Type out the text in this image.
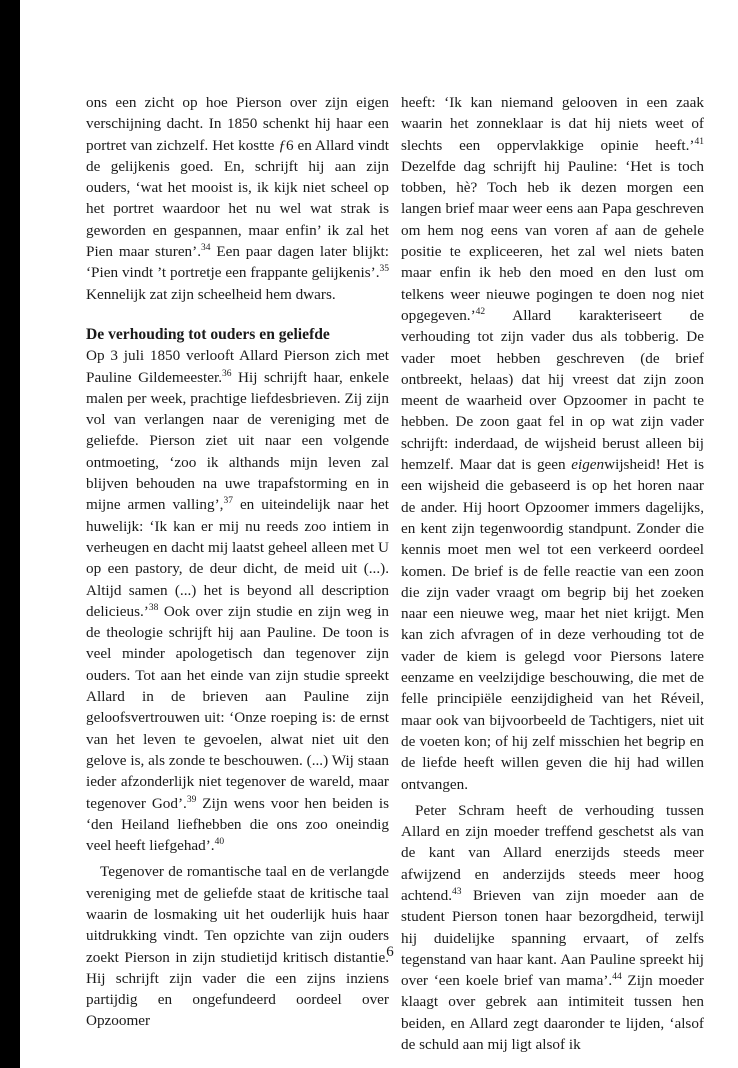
ons een zicht op hoe Pierson over zijn eigen verschijning dacht. In 1850 schenkt hij haar een portret van zichzelf. Het kostte ƒ6 en Allard vindt de gelijkenis goed. En, schrijft hij aan zijn ouders, ‘wat het mooist is, ik kijk niet scheel op het portret waardoor het nu wel wat strak is geworden en gespannen, maar enfin’ ik zal het Pien maar sturen’.$^{34}$ Een paar dagen later blijkt: ‘Pien vindt ’t portretje een frappante gelijkenis’.$^{35}$ Kennelijk zat zijn scheelheid hem dwars.

De verhouding tot ouders en geliefde

Op 3 juli 1850 verlooft Allard Pierson zich met Pauline Gildemeester.$^{36}$ Hij schrijft haar, enkele malen per week, prachtige liefdesbrieven. Zij zijn vol van verlangen naar de vereniging met de geliefde. Pierson ziet uit naar een volgende ontmoeting, ‘zoo ik althands mijn leven zal blijven behouden na uwe trapafstorming en in mijne armen valling’,$^{37}$ en uiteindelijk naar het huwelijk: ‘Ik kan er mij nu reeds zoo intiem in verheugen en dacht mij laatst geheel alleen met U op een pastory, de deur dicht, de meid uit (...). Altijd samen (...) het is beyond all description delicieus.’$^{38}$ Ook over zijn studie en zijn weg in de theologie schrijft hij aan Pauline. De toon is veel minder apologetisch dan tegenover zijn ouders. Tot aan het einde van zijn studie spreekt Allard in de brieven aan Pauline zijn geloofsvertrouwen uit: ‘Onze roeping is: de ernst van het leven te gevoelen, alwat niet uit den gelove is, als zonde te beschouwen. (...) Wij staan ieder afzonderlijk niet tegenover de wareld, maar tegenover God’.$^{39}$ Zijn wens voor hen beiden is ‘den Heiland liefhebben die ons zoo oneindig veel heeft liefgehad’.$^{40}$

Tegenover de romantische taal en de verlangde vereniging met de geliefde staat de kritische taal waarin de losmaking uit het ouderlijk huis haar uitdrukking vindt. Ten opzichte van zijn ouders zoekt Pierson in zijn studietijd kritisch distantie. Hij schrijft zijn vader die een zijns inziens partijdig en ongefundeerd oordeel over Opzoomer

heeft: ‘Ik kan niemand gelooven in een zaak waarin het zonneklaar is dat hij niets weet of slechts een oppervlakkige opinie heeft.’$^{41}$ Dezelfde dag schrijft hij Pauline: ‘Het is toch tobben, hè? Toch heb ik dezen morgen een langen brief maar weer eens aan Papa geschreven om hem nog eens van voren af aan de gehele positie te expliceeren, het zal wel niets baten maar enfin ik heb den moed en den lust om telkens weer nieuwe pogingen te doen nog niet opgegeven.’$^{42}$ Allard karakteriseert de verhouding tot zijn vader dus als tobberig. De vader moet hebben geschreven (de brief ontbreekt, helaas) dat hij vreest dat zijn zoon meent de waarheid over Opzoomer in pacht te hebben. De zoon gaat fel in op wat zijn vader schrijft: inderdaad, de wijsheid berust alleen bij hemzelf. Maar dat is geen eigenwijsheid! Het is een wijsheid die gebaseerd is op het horen naar de ander. Hij hoort Opzoomer immers dagelijks, en kent zijn tegenwoordig standpunt. Zonder die kennis moet men wel tot een verkeerd oordeel komen. De brief is de felle reactie van een zoon die zijn vader vraagt om begrip bij het zoeken naar een nieuwe weg, maar het niet krijgt. Men kan zich afvragen of in deze verhouding tot de vader de kiem is gelegd voor Piersons latere eenzame en veelzijdige beschouwing, die met de felle principiële eenzijdigheid van het Réveil, maar ook van bijvoorbeeld de Tachtigers, niet uit de voeten kon; of hij zelf misschien het begrip en de liefde heeft willen geven die hij had willen ontvangen.

Peter Schram heeft de verhouding tussen Allard en zijn moeder treffend geschetst als van de kant van Allard enerzijds steeds meer afwijzend en anderzijds steeds meer hoog achtend.$^{43}$ Brieven van zijn moeder aan de student Pierson tonen haar bezorgdheid, terwijl hij duidelijke spanning ervaart, of zelfs tegenstand van haar kant. Aan Pauline spreekt hij over ‘een koele brief van mama’.$^{44}$ Zijn moeder klaagt over gebrek aan intimiteit tussen hen beiden, en Allard zegt daaronder te lijden, ‘alsof de schuld aan mij ligt alsof ik

6
